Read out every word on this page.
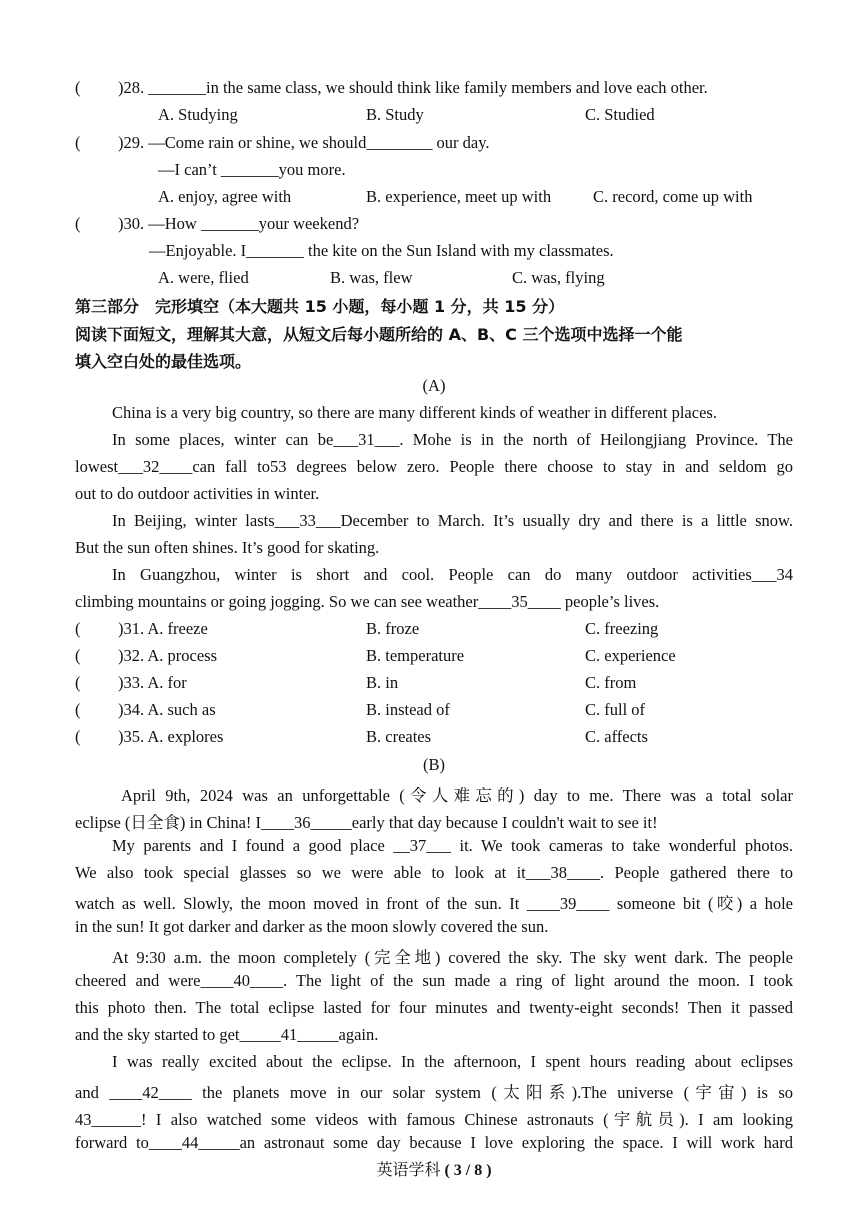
( )28. _______in the same class, we should think like family members and love each other.
A. Studying	B. Study	C. Studied
( )29. —Come rain or shine, we should________ our day.
—I can’t _______you more.
A. enjoy, agree with	B. experience, meet up with	C. record, come up with
( )30. —How _______your weekend?
—Enjoyable. I_______ the kite on the Sun Island with my classmates.
A. were, flied	B. was, flew	C. was, flying
第三部分　完形填空（本大题共 15 小题，每小题 1 分，共 15 分）
阅读下面短文，理解其大意，从短文后每小题所给的 A、B、C 三个选项中选择一个能
填入空白处的最佳选项。
(A)
China is a very big country, so there are many different kinds of weather in different places.
In some places, winter can be___31___. Mohe is in the north of Heilongjiang Province. The
lowest___32____can fall to53 degrees below zero. People there choose to stay in and seldom go
out to do outdoor activities in winter.
In Beijing, winter lasts___33___December to March. It’s usually dry and there is a little snow.
But the sun often shines. It’s good for skating.
In Guangzhou, winter is short and cool. People can do many outdoor activities___34
climbing mountains or going jogging. So we can see weather____35____ people’s lives.
( )31. A. freeze	B. froze	C. freezing
( )32. A. process	B. temperature	C. experience
( )33. A. for	B. in	C. from
( )34. A. such as	B. instead of	C. full of
( )35. A. explores	B. creates	C. affects
(B)
April 9th, 2024 was an unforgettable (令人难忘的) day to me. There was a total solar
eclipse (日全食) in China! I____36_____early that day because I couldn't wait to see it!
My parents and I found a good place __37___ it. We took cameras to take wonderful photos.
We also took special glasses so we were able to look at it___38____. People gathered there to
watch as well. Slowly, the moon moved in front of the sun. It ____39____ someone bit (咬) a hole
in the sun! It got darker and darker as the moon slowly covered the sun.
At 9:30 a.m. the moon completely (完全地) covered the sky. The sky went dark. The people
cheered and were____40____. The light of the sun made a ring of light around the moon. I took
this photo then. The total eclipse lasted for four minutes and twenty-eight seconds! Then it passed
and the sky started to get_____41_____again.
I was really excited about the eclipse. In the afternoon, I spent hours reading about eclipses
and ____42____ the planets move in our solar system (太阳系).The universe (宇宙) is so
43______! I also watched some videos with famous Chinese astronauts (宇航员). I am looking
forward to____44_____an astronaut some day because I love exploring the space. I will work hard
英语学科 ( 3 / 8 )
